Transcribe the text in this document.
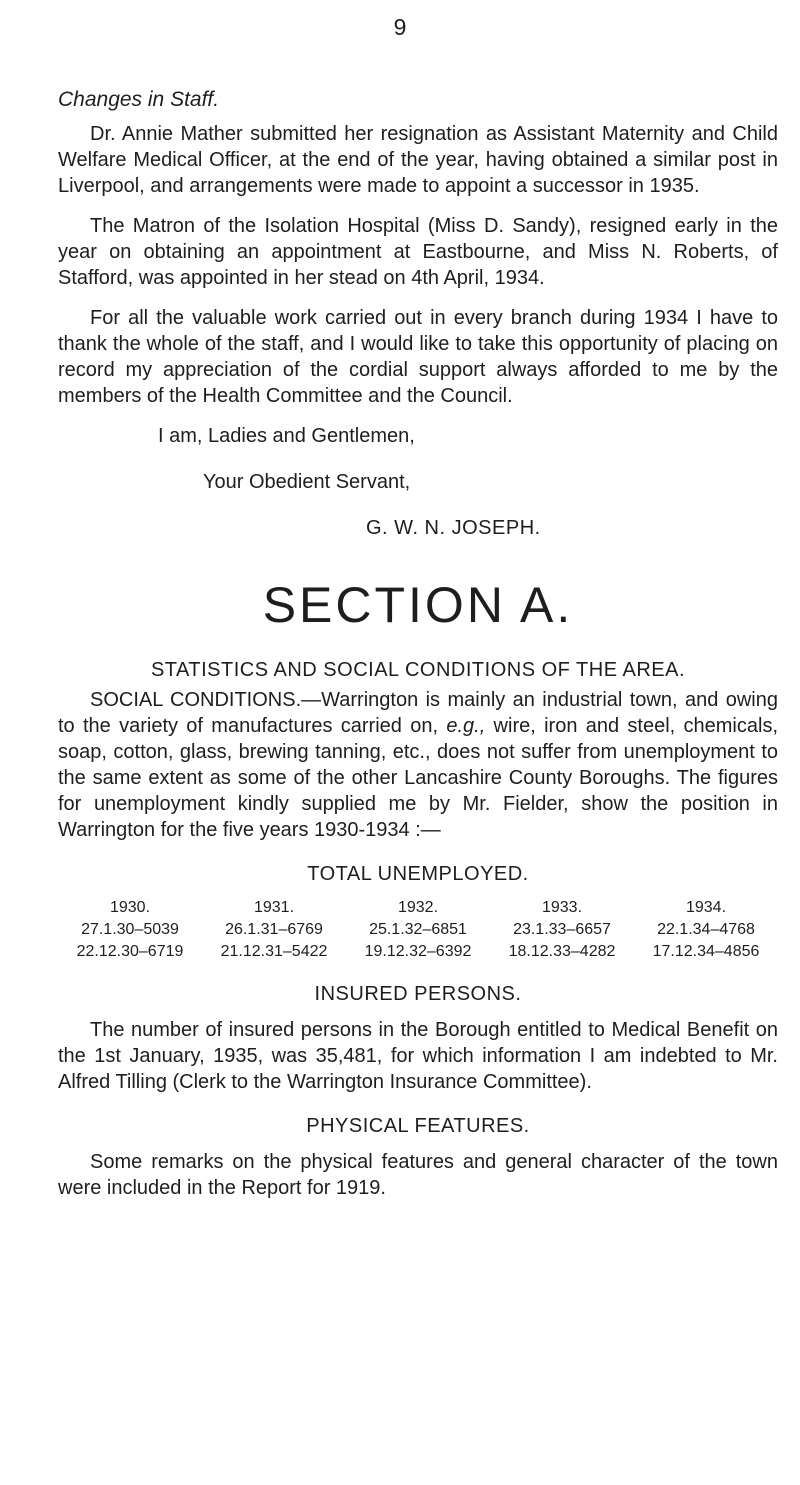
9
Changes in Staff.

Dr. Annie Mather submitted her resignation as Assistant Maternity and Child Welfare Medical Officer, at the end of the year, having obtained a similar post in Liverpool, and arrangements were made to appoint a successor in 1935.

The Matron of the Isolation Hospital (Miss D. Sandy), resigned early in the year on obtaining an appointment at Eastbourne, and Miss N. Roberts, of Stafford, was appointed in her stead on 4th April, 1934.

For all the valuable work carried out in every branch during 1934 I have to thank the whole of the staff, and I would like to take this opportunity of placing on record my appreciation of the cordial support always afforded to me by the members of the Health Committee and the Council.

I am, Ladies and Gentlemen,
Your Obedient Servant,
G. W. N. JOSEPH.
SECTION A.
STATISTICS AND SOCIAL CONDITIONS OF THE AREA.

SOCIAL CONDITIONS.—Warrington is mainly an industrial town, and owing to the variety of manufactures carried on, e.g., wire, iron and steel, chemicals, soap, cotton, glass, brewing tanning, etc., does not suffer from unemployment to the same extent as some of the other Lancashire County Boroughs. The figures for unemployment kindly supplied me by Mr. Fielder, show the position in Warrington for the five years 1930-1934 :—

TOTAL UNEMPLOYED.
1930.	1931.	1932.	1933.	1934.
27.1.30–5039	26.1.31–6769	25.1.32–6851	23.1.33–6657	22.1.34–4768
22.12.30–6719	21.12.31–5422	19.12.32–6392	18.12.33–4282	17.12.34–4856
INSURED PERSONS.

The number of insured persons in the Borough entitled to Medical Benefit on the 1st January, 1935, was 35,481, for which information I am indebted to Mr. Alfred Tilling (Clerk to the Warrington Insurance Committee).

PHYSICAL FEATURES.

Some remarks on the physical features and general character of the town were included in the Report for 1919.
